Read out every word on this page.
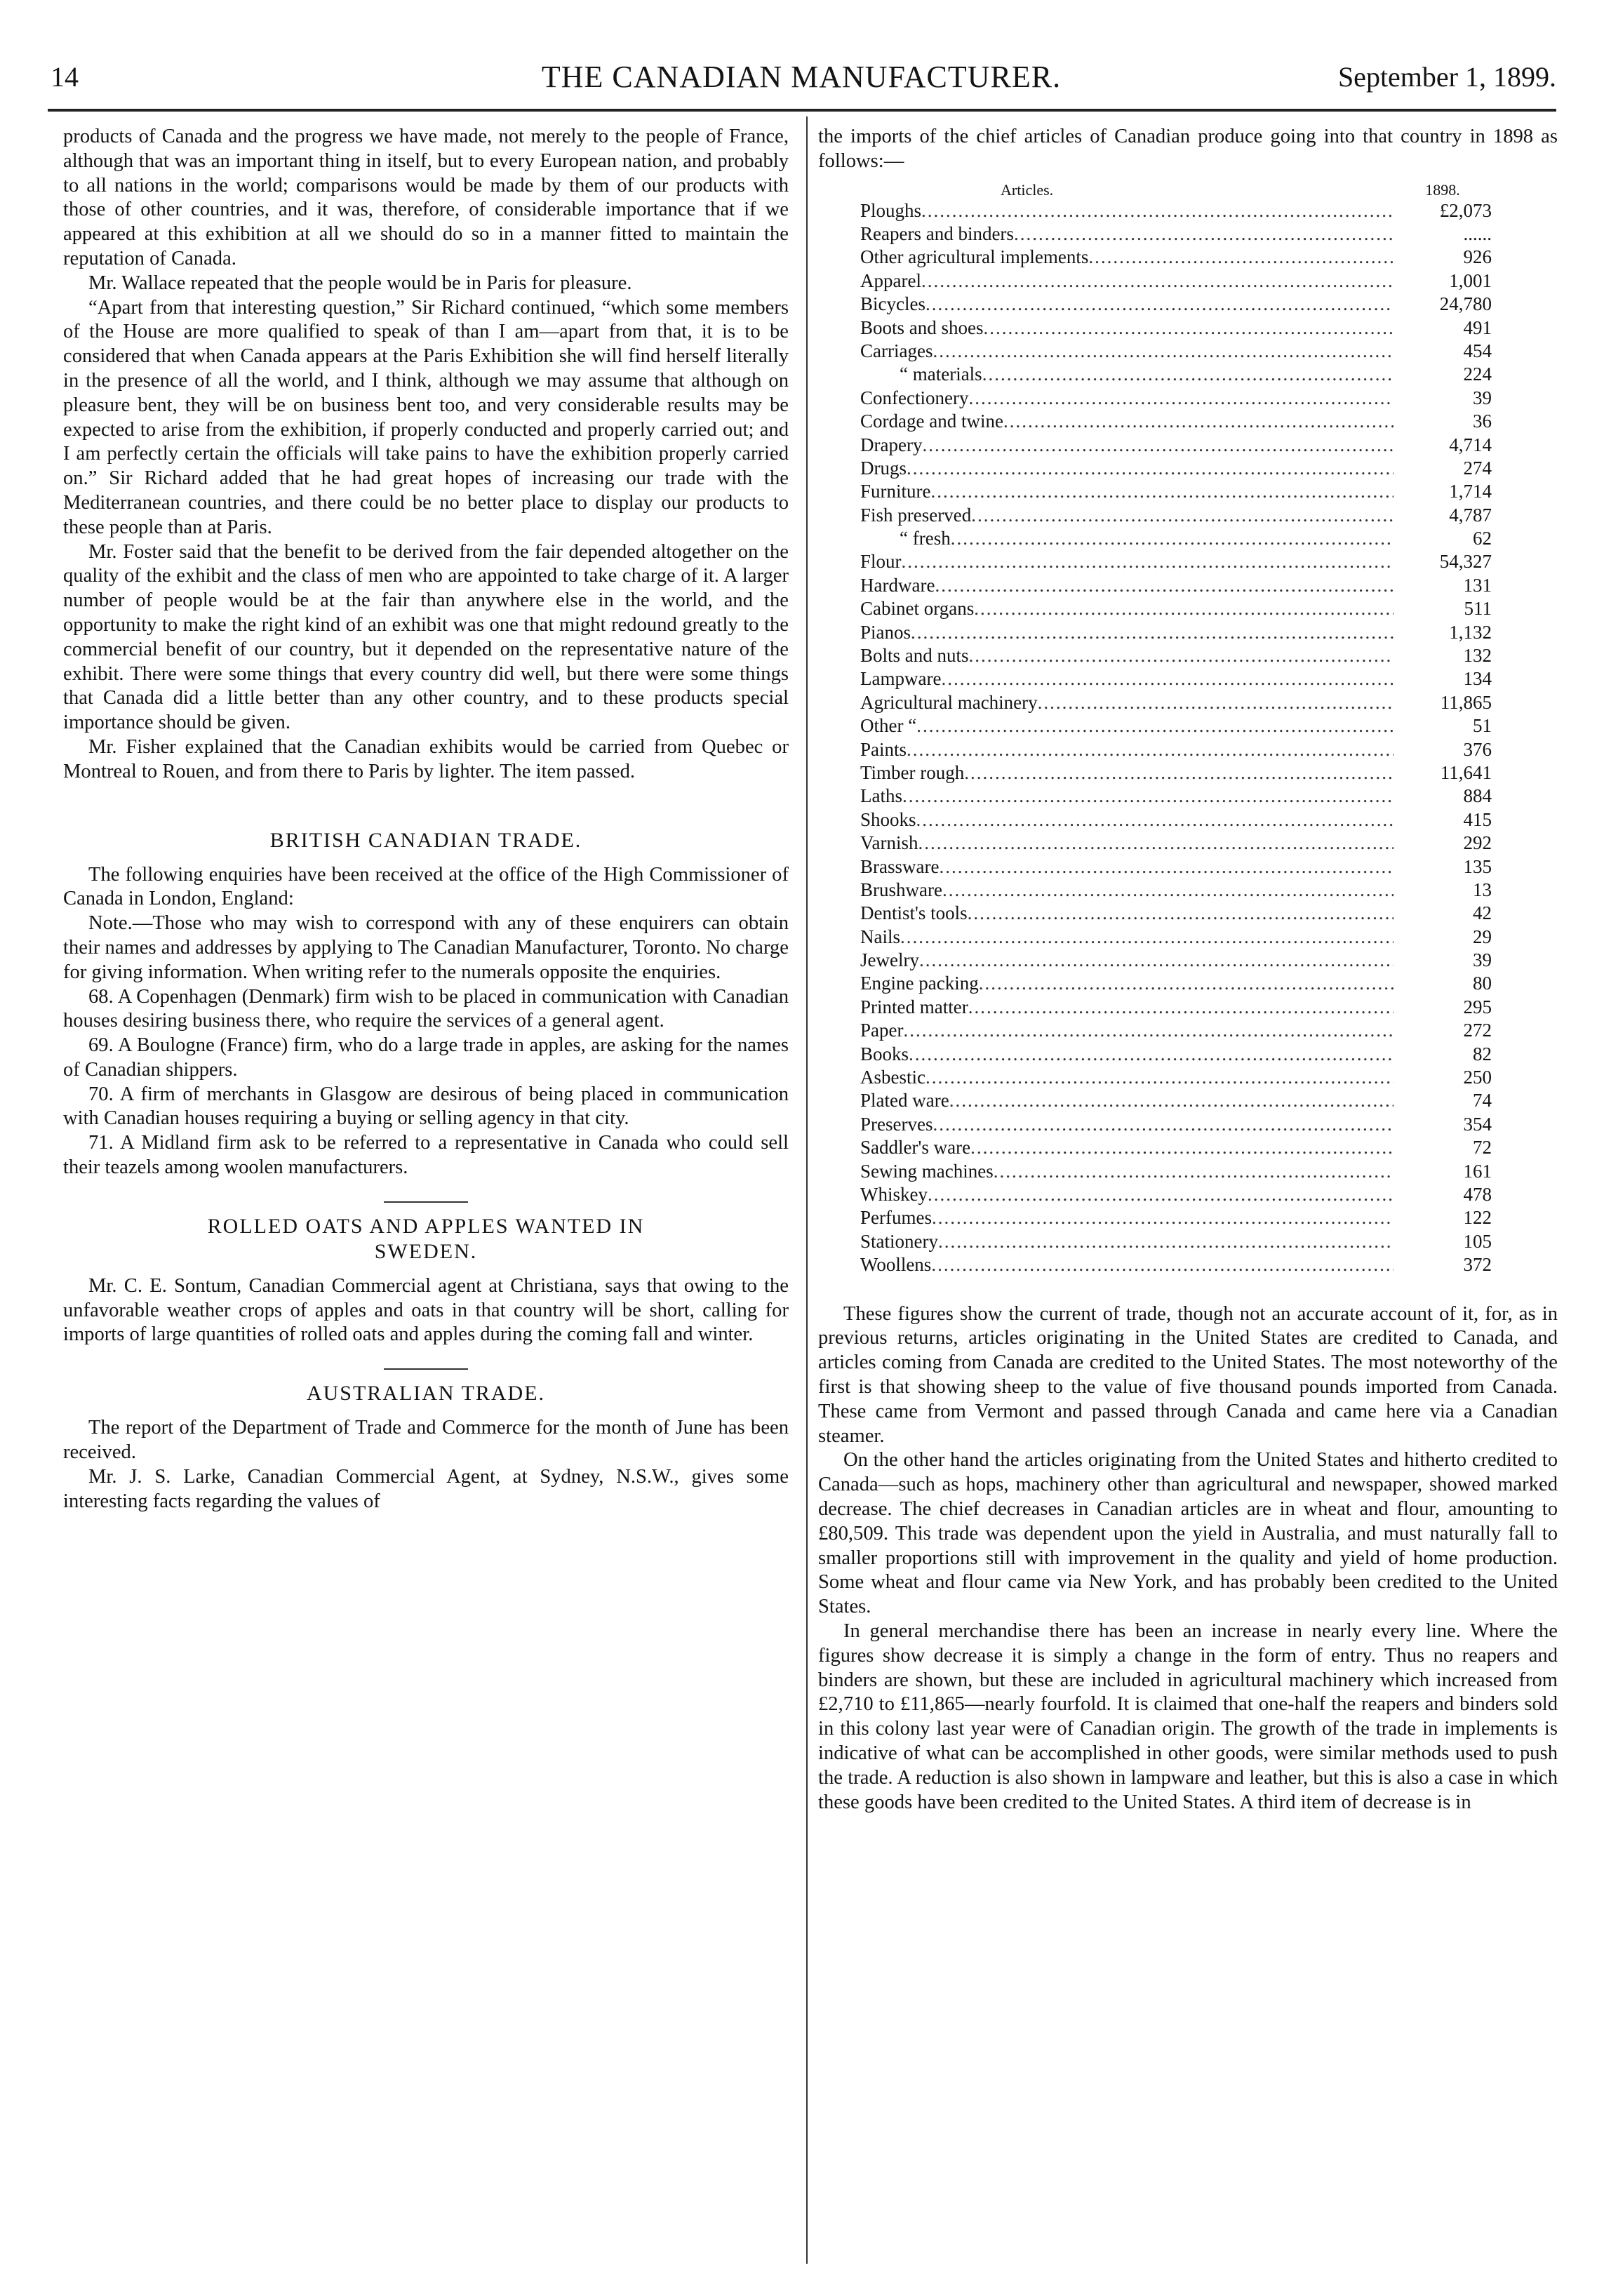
14	THE CANADIAN MANUFACTURER.	September 1, 1899.

products of Canada and the progress we have made, not merely to the people of France, although that was an important thing in itself, but to every European nation, and probably to all nations in the world; comparisons would be made by them of our products with those of other countries, and it was, therefore, of considerable importance that if we appeared at this exhibition at all we should do so in a manner fitted to maintain the reputation of Canada.

Mr. Wallace repeated that the people would be in Paris for pleasure.

“Apart from that interesting question,” Sir Richard continued, “which some members of the House are more qualified to speak of than I am—apart from that, it is to be considered that when Canada appears at the Paris Exhibition she will find herself literally in the presence of all the world, and I think, although we may assume that although on pleasure bent, they will be on business bent too, and very considerable results may be expected to arise from the exhibition, if properly conducted and properly carried out; and I am perfectly certain the officials will take pains to have the exhibition properly carried on.” Sir Richard added that he had great hopes of increasing our trade with the Mediterranean countries, and there could be no better place to display our products to these people than at Paris.

Mr. Foster said that the benefit to be derived from the fair depended altogether on the quality of the exhibit and the class of men who are appointed to take charge of it. A larger number of people would be at the fair than anywhere else in the world, and the opportunity to make the right kind of an exhibit was one that might redound greatly to the commercial benefit of our country, but it depended on the representative nature of the exhibit. There were some things that every country did well, but there were some things that Canada did a little better than any other country, and to these products special importance should be given.

Mr. Fisher explained that the Canadian exhibits would be carried from Quebec or Montreal to Rouen, and from there to Paris by lighter. The item passed.

BRITISH CANADIAN TRADE.

The following enquiries have been received at the office of the High Commissioner of Canada in London, England:

Note.—Those who may wish to correspond with any of these enquirers can obtain their names and addresses by applying to The Canadian Manufacturer, Toronto. No charge for giving information. When writing refer to the numerals opposite the enquiries.

68. A Copenhagen (Denmark) firm wish to be placed in communication with Canadian houses desiring business there, who require the services of a general agent.

69. A Boulogne (France) firm, who do a large trade in apples, are asking for the names of Canadian shippers.

70. A firm of merchants in Glasgow are desirous of being placed in communication with Canadian houses requiring a buying or selling agency in that city.

71. A Midland firm ask to be referred to a representative in Canada who could sell their teazels among woolen manufacturers.

ROLLED OATS AND APPLES WANTED IN
SWEDEN.

Mr. C. E. Sontum, Canadian Commercial agent at Christiana, says that owing to the unfavorable weather crops of apples and oats in that country will be short, calling for imports of large quantities of rolled oats and apples during the coming fall and winter.

AUSTRALIAN TRADE.

The report of the Department of Trade and Commerce for the month of June has been received.

Mr. J. S. Larke, Canadian Commercial Agent, at Sydney, N.S.W., gives some interesting facts regarding the values of

the imports of the chief articles of Canadian produce going into that country in 1898 as follows:—

Articles.	1898.
Ploughs .....	£2,073
Reapers and binders .....	......
Other agricultural implements .....	926
Apparel .....	1,001
Bicycles .....	24,780
Boots and shoes .....	491
Carriages .....	454
“ materials .....	224
Confectionery .....	39
Cordage and twine .....	36
Drapery .....	4,714
Drugs .....	274
Furniture .....	1,714
Fish preserved .....	4,787
“ fresh .....	62
Flour .....	54,327
Hardware .....	131
Cabinet organs .....	511
Pianos .....	1,132
Bolts and nuts .....	132
Lampware .....	134
Agricultural machinery .....	11,865
Other “ .....	51
Paints .....	376
Timber rough .....	11,641
Laths .....	884
Shooks .....	415
Varnish .....	292
Brassware .....	135
Brushware .....	13
Dentist's tools .....	42
Nails .....	29
Jewelry .....	39
Engine packing .....	80
Printed matter .....	295
Paper .....	272
Books .....	82
Asbestic .....	250
Plated ware .....	74
Preserves .....	354
Saddler's ware .....	72
Sewing machines .....	161
Whiskey .....	478
Perfumes .....	122
Stationery .....	105
Woollens .....	372

These figures show the current of trade, though not an accurate account of it, for, as in previous returns, articles originating in the United States are credited to Canada, and articles coming from Canada are credited to the United States. The most noteworthy of the first is that showing sheep to the value of five thousand pounds imported from Canada. These came from Vermont and passed through Canada and came here via a Canadian steamer.

On the other hand the articles originating from the United States and hitherto credited to Canada—such as hops, machinery other than agricultural and newspaper, showed marked decrease. The chief decreases in Canadian articles are in wheat and flour, amounting to £80,509. This trade was dependent upon the yield in Australia, and must naturally fall to smaller proportions still with improvement in the quality and yield of home production. Some wheat and flour came via New York, and has probably been credited to the United States.

In general merchandise there has been an increase in nearly every line. Where the figures show decrease it is simply a change in the form of entry. Thus no reapers and binders are shown, but these are included in agricultural machinery which increased from £2,710 to £11,865—nearly fourfold. It is claimed that one-half the reapers and binders sold in this colony last year were of Canadian origin. The growth of the trade in implements is indicative of what can be accomplished in other goods, were similar methods used to push the trade. A reduction is also shown in lampware and leather, but this is also a case in which these goods have been credited to the United States. A third item of decrease is in
